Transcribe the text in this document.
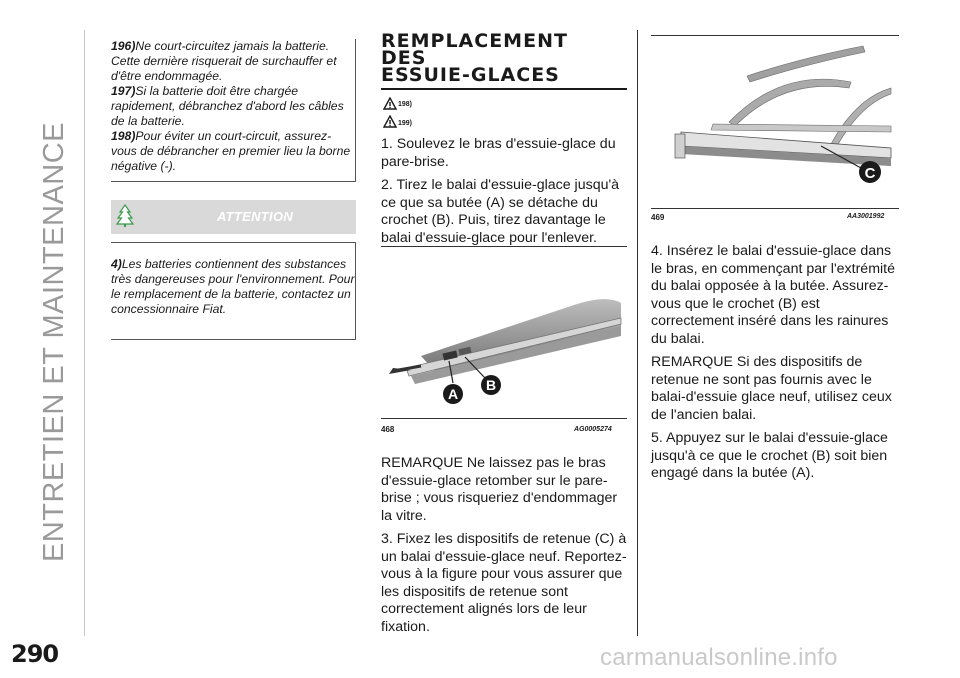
ENTRETIEN ET MAINTENANCE

196)Ne court-circuitez jamais la batterie. Cette dernière risquerait de surchauffer et d'être endommagée.

197)Si la batterie doit être chargée rapidement, débranchez d'abord les câbles de la batterie.

198)Pour éviter un court-circuit, assurez-vous de débrancher en premier lieu la borne négative (-).

ATTENTION

4)Les batteries contiennent des substances très dangereuses pour l'environnement. Pour le remplacement de la batterie, contactez un concessionnaire Fiat.

REMPLACEMENT
DES
ESSUIE-GLACES
198)
199)

1. Soulevez le bras d'essuie-glace du pare-brise.

2. Tirez le balai d'essuie-glace jusqu'à ce que sa butée (A) se détache du crochet (B). Puis, tirez davantage le balai d'essuie-glace pour l'enlever.

A
B
468	AG0005274

REMARQUE Ne laissez pas le bras d'essuie-glace retomber sur le pare-brise ; vous risqueriez d'endommager la vitre.

3. Fixez les dispositifs de retenue (C) à un balai d'essuie-glace neuf. Reportez-vous à la figure pour vous assurer que les dispositifs de retenue sont correctement alignés lors de leur fixation.

C
469	AA3001992

4. Insérez le balai d'essuie-glace dans le bras, en commençant par l'extrémité du balai opposée à la butée. Assurez-vous que le crochet (B) est correctement inséré dans les rainures du balai.

REMARQUE Si des dispositifs de retenue ne sont pas fournis avec le balai-d'essuie glace neuf, utilisez ceux de l'ancien balai.

5. Appuyez sur le balai d'essuie-glace jusqu'à ce que le crochet (B) soit bien engagé dans la butée (A).

290	carmanualsonline.info
